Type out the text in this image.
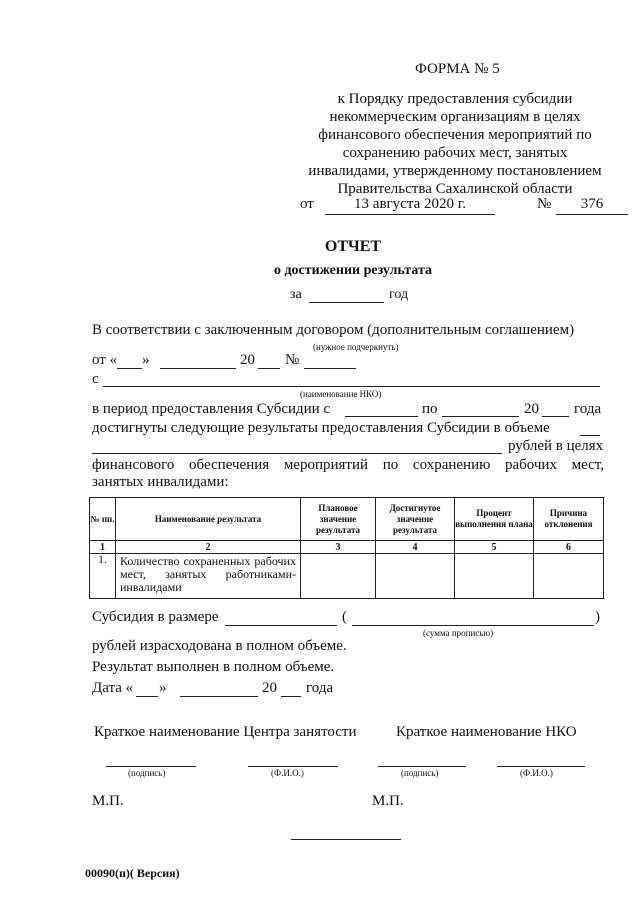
ФОРМА № 5
к Порядку предоставления субсидии
некоммерческим организациям в целях
финансового обеспечения мероприятий по
сохранению рабочих мест, занятых
инвалидами, утвержденному постановлением
Правительства Сахалинской области
от	13 августа 2020 г.	№	376
ОТЧЕТ
о достижении результата
за	год
В соответствии с заключенным договором (дополнительным соглашением)
(нужное подчеркнуть)
от « »	20 №
с
(наименование НКО)
в период предоставления Субсидии с	по	20 года
достигнуты следующие результаты предоставления Субсидии в объеме
рублей в целях
финансового обеспечения мероприятий по сохранению рабочих мест,
занятых инвалидами:
№ пп.	Наименование результата	Плановое значение результата	Достигнутое значение результата	Процент выполнения плана	Причина отклонения
1	2	3	4	5	6
1.	Количество сохраненных рабочих мест, занятых работниками-инвалидами				
Субсидия в размере	(	)
(сумма прописью)
рублей израсходована в полном объеме.
Результат выполнен в полном объеме.
Дата « »	20 года
Краткое наименование Центра занятости	Краткое наименование НКО
(подпись)	(Ф.И.О.)	(подпись)	(Ф.И.О.)
М.П.	М.П.
00090(п)( Версия)
